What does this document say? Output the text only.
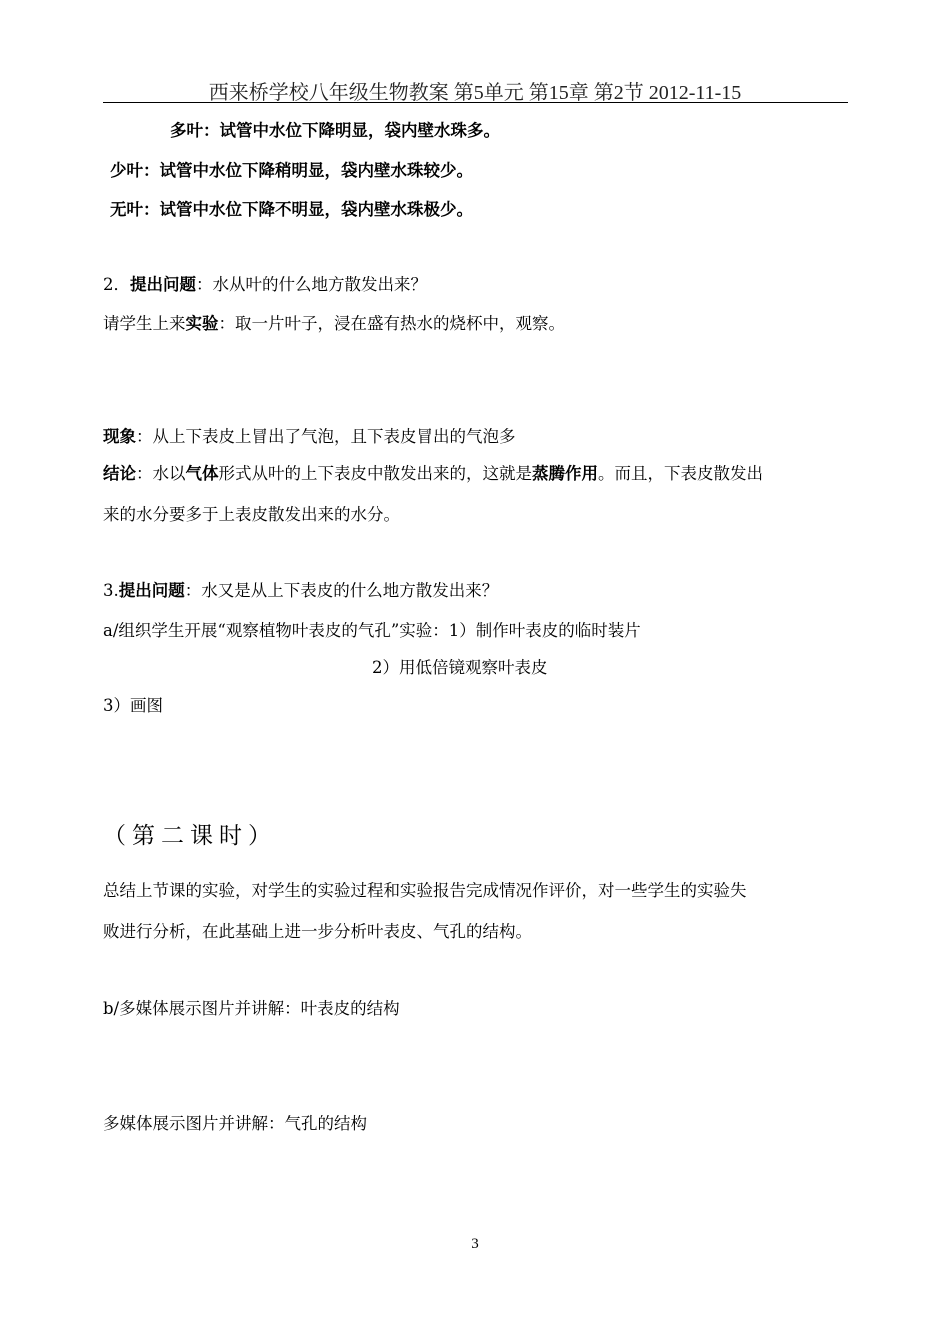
西来桥学校八年级生物教案 第5单元 第15章 第2节 2012-11-15
多叶：试管中水位下降明显，袋内壁水珠多。
少叶：试管中水位下降稍明显，袋内壁水珠较少。
无叶：试管中水位下降不明显，袋内壁水珠极少。
2．提出问题：水从叶的什么地方散发出来？
请学生上来实验：取一片叶子，浸在盛有热水的烧杯中，观察。
现象：从上下表皮上冒出了气泡，且下表皮冒出的气泡多
结论：水以气体形式从叶的上下表皮中散发出来的，这就是蒸腾作用。而且，下表皮散发出
来的水分要多于上表皮散发出来的水分。
3.提出问题：水又是从上下表皮的什么地方散发出来？
a/组织学生开展“观察植物叶表皮的气孔”实验：1）制作叶表皮的临时装片
2）用低倍镜观察叶表皮
3）画图
（第二课时）
总结上节课的实验，对学生的实验过程和实验报告完成情况作评价，对一些学生的实验失
败进行分析，在此基础上进一步分析叶表皮、气孔的结构。
b/多媒体展示图片并讲解：叶表皮的结构
多媒体展示图片并讲解：气孔的结构
3
